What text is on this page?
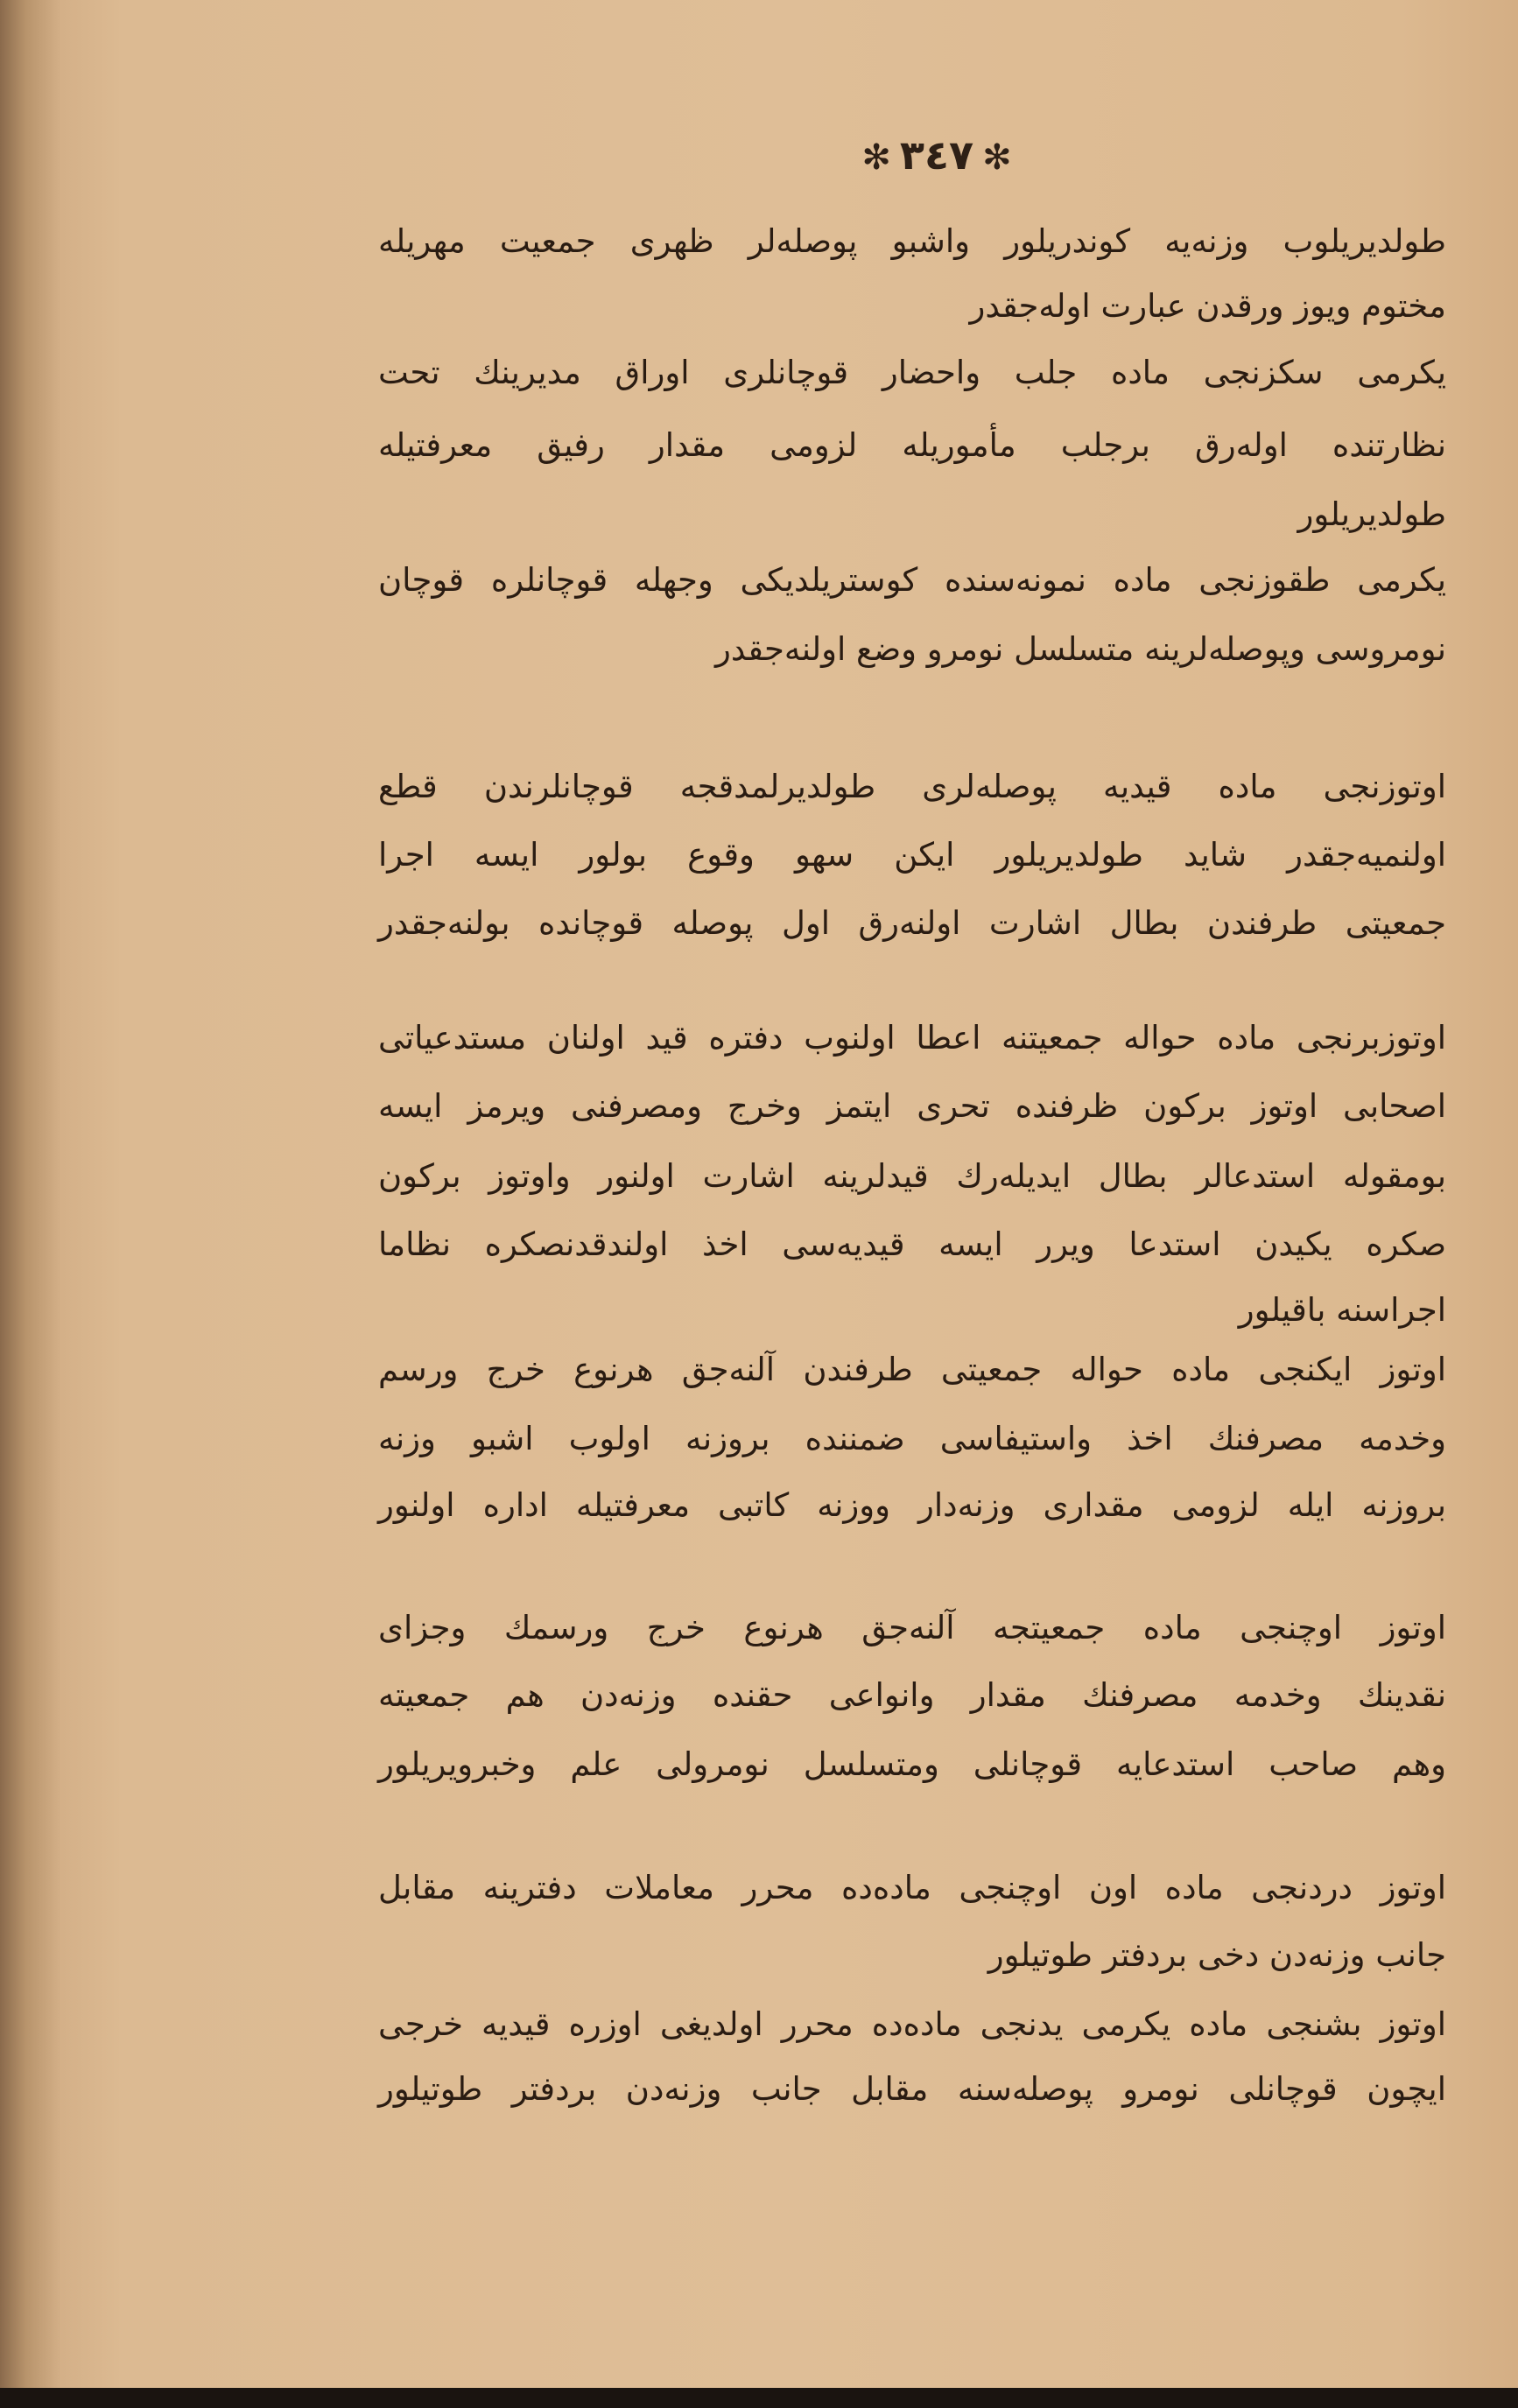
✻٣٤٧✻
طولدیریلوب وزنه‌یه کوندریلور واشبو پوصله‌لر ظهری جمعیت مهریله
مختوم ویوز ورقدن عبارت اوله‌جقدر
یکرمی سکزنجی ماده جلب واحضار قوچانلری اوراق مدیرینك تحت
نظارتنده اوله‌رق برجلب مأموریله لزومی مقدار رفیق معرفتیله
طولدیریلور
یکرمی طقوزنجی ماده نمونه‌سنده کوستریلدیکی وجهله قوچانلره قوچان
نومروسی وپوصله‌لرینه متسلسل نومرو وضع اولنه‌جقدر
اوتوزنجی ماده قیدیه پوصله‌لری طولدیرلمدقجه قوچانلرندن قطع
اولنمیه‌جقدر شاید طولدیریلور ایکن سهو وقوع بولور ایسه اجرا
جمعیتی طرفندن بطال اشارت اولنه‌رق اول پوصله قوچانده بولنه‌جقدر
اوتوزبرنجی ماده حواله جمعیتنه اعطا اولنوب دفتره قید اولنان مستدعیاتی
اصحابی اوتوز برکون ظرفنده تحری ایتمز وخرج ومصرفنی ویرمز ایسه
بومقوله استدعالر بطال ایدیله‌رك قیدلرینه اشارت اولنور واوتوز برکون
صکره یکیدن استدعا ویرر ایسه قیدیه‌سی اخذ اولندقدنصکره نظاما
اجراسنه باقیلور
اوتوز ایکنجی ماده حواله جمعیتی طرفندن آلنه‌جق هرنوع خرج ورسم
وخدمه مصرفنك اخذ واستیفاسی ضمننده بروزنه اولوب اشبو وزنه
بروزنه ایله لزومی مقداری وزنه‌دار ووزنه کاتبی معرفتیله اداره اولنور
اوتوز اوچنجی ماده جمعیتجه آلنه‌جق هرنوع خرج ورسمك وجزای
نقدینك وخدمه مصرفنك مقدار وانواعی حقنده وزنه‌دن هم جمعیته
وهم صاحب استدعایه قوچانلی ومتسلسل نومرولی علم وخبرویریلور
اوتوز دردنجی ماده اون اوچنجی ماده‌ده محرر معاملات دفترینه مقابل
جانب وزنه‌دن دخی بردفتر طوتیلور
اوتوز بشنجی ماده یکرمی یدنجی ماده‌ده محرر اولدیغی اوزره قیدیه خرجی
ایچون قوچانلی نومرو پوصله‌سنه مقابل جانب وزنه‌دن بردفتر طوتیلور
